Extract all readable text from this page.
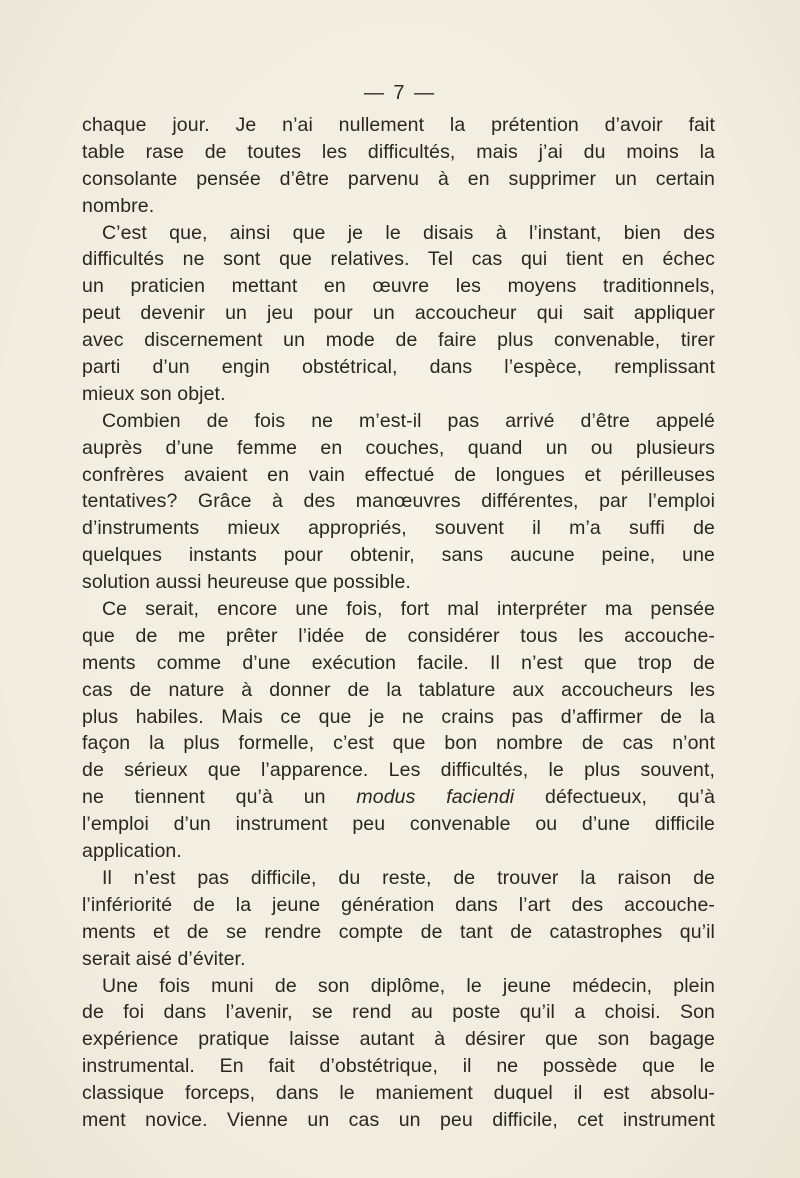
— 7 —
chaque jour. Je n’ai nullement la prétention d’avoir fait
table rase de toutes les difficultés, mais j’ai du moins la
consolante pensée d’être parvenu à en supprimer un certain
nombre.
C’est que, ainsi que je le disais à l’instant, bien des
difficultés ne sont que relatives. Tel cas qui tient en échec
un praticien mettant en œuvre les moyens traditionnels,
peut devenir un jeu pour un accoucheur qui sait appliquer
avec discernement un mode de faire plus convenable, tirer
parti d’un engin obstétrical, dans l’espèce, remplissant
mieux son objet.
Combien de fois ne m’est-il pas arrivé d’être appelé
auprès d’une femme en couches, quand un ou plusieurs
confrères avaient en vain effectué de longues et périlleuses
tentatives? Grâce à des manœuvres différentes, par l’emploi
d’instruments mieux appropriés, souvent il m’a suffi de
quelques instants pour obtenir, sans aucune peine, une
solution aussi heureuse que possible.
Ce serait, encore une fois, fort mal interpréter ma pensée
que de me prêter l’idée de considérer tous les accouche-
ments comme d’une exécution facile. Il n’est que trop de
cas de nature à donner de la tablature aux accoucheurs les
plus habiles. Mais ce que je ne crains pas d’affirmer de la
façon la plus formelle, c’est que bon nombre de cas n’ont
de sérieux que l’apparence. Les difficultés, le plus souvent,
ne tiennent qu’à un modus faciendi défectueux, qu’à
l’emploi d’un instrument peu convenable ou d’une difficile
application.
Il n’est pas difficile, du reste, de trouver la raison de
l’infériorité de la jeune génération dans l’art des accouche-
ments et de se rendre compte de tant de catastrophes qu’il
serait aisé d’éviter.
Une fois muni de son diplôme, le jeune médecin, plein
de foi dans l’avenir, se rend au poste qu’il a choisi. Son
expérience pratique laisse autant à désirer que son bagage
instrumental. En fait d’obstétrique, il ne possède que le
classique forceps, dans le maniement duquel il est absolu-
ment novice. Vienne un cas un peu difficile, cet instrument
